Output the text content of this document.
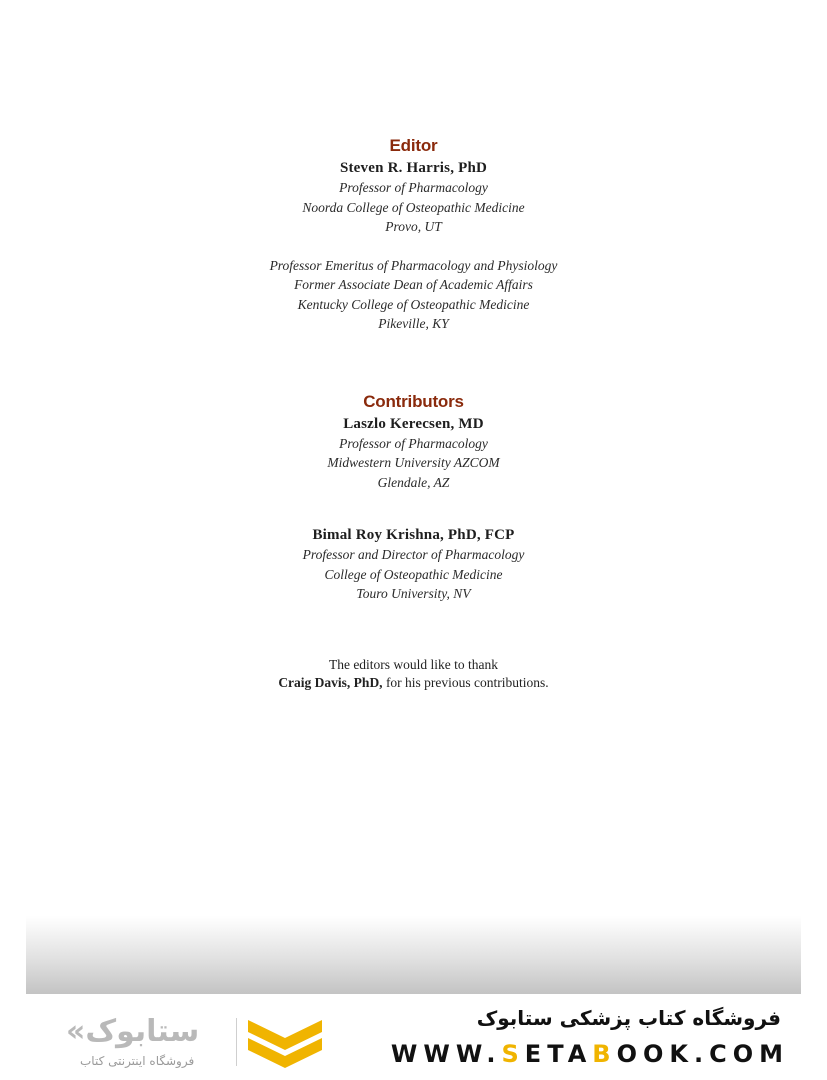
Editor

Steven R. Harris, PhD

Professor of Pharmacology

Noorda College of Osteopathic Medicine

Provo, UT

Professor Emeritus of Pharmacology and Physiology

Former Associate Dean of Academic Affairs

Kentucky College of Osteopathic Medicine

Pikeville, KY

Contributors

Laszlo Kerecsen, MD

Professor of Pharmacology

Midwestern University AZCOM

Glendale, AZ

Bimal Roy Krishna, PhD, FCP

Professor and Director of Pharmacology

College of Osteopathic Medicine

Touro University, NV

The editors would like to thank

Craig Davis, PhD, for his previous contributions.

«ستابوک
فروشگاه اینترنتی کتاب
فروشگاه کتاب پزشکی ستابوک
WWW.SETABOOK.COM
